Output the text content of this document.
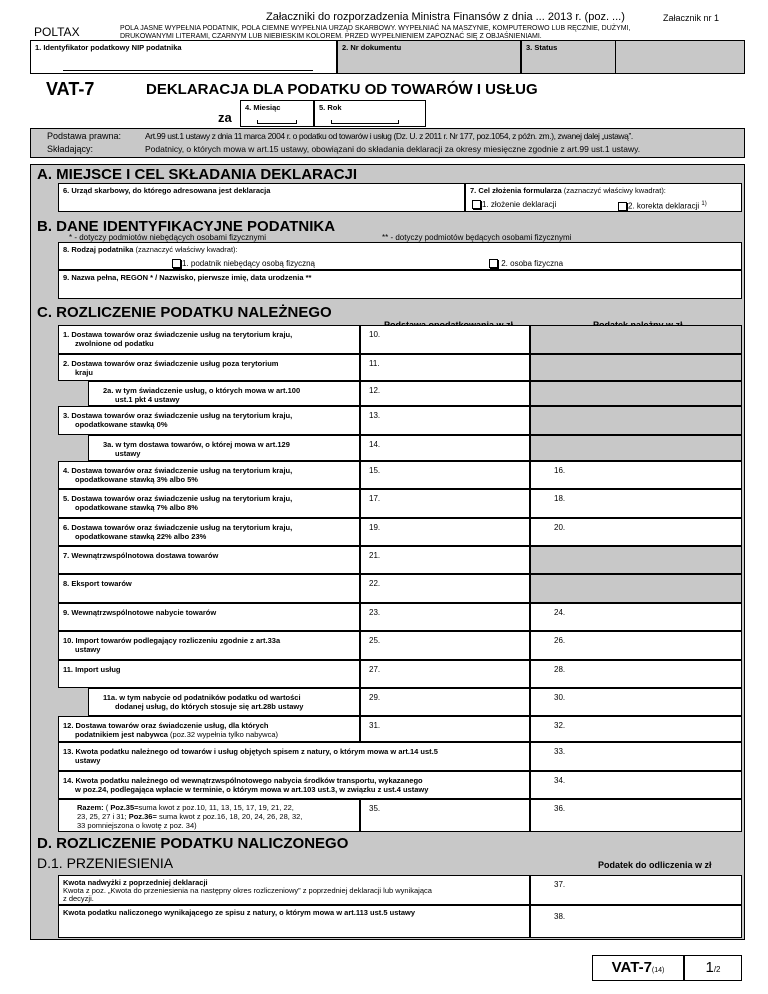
Załaczniki do rozporzadzenia Ministra Finansów z dnia ... 2013 r. (poz. ...)	Załacznik nr 1
POLTAX	POLA JASNE WYPEŁNIA PODATNIK, POLA CIEMNE WYPEŁNIA URZĄD SKARBOWY. WYPEŁNIAĆ NA MASZYNIE, KOMPUTEROWO LUB RĘCZNIE, DUŻYMI,
DRUKOWANYMI LITERAMI, CZARNYM LUB NIEBIESKIM KOLOREM. PRZED WYPEŁNIENIEM ZAPOZNAĆ SIĘ Z OBJAŚNIENIAMI.
1. Identyfikator podatkowy NIP podatnika	2. Nr dokumentu	3. Status
VAT-7	DEKLARACJA DLA PODATKU OD TOWARÓW I USŁUG
za
4. Miesiąc	5. Rok
Podstawa prawna:	Art.99 ust.1 ustawy z dnia 11 marca 2004 r. o podatku od towarów i usług (Dz. U. z 2011 r. Nr 177, poz.1054, z późn. zm.), zwanej dalej „ustawą”.
Składający:	Podatnicy, o których mowa w art.15 ustawy, obowiązani do składania deklaracji za okresy miesięczne zgodnie z art.99 ust.1 ustawy.
A. MIEJSCE I CEL SKŁADANIA DEKLARACJI
6. Urząd skarbowy, do którego adresowana jest deklaracja	7. Cel złożenia formularza (zaznaczyć właściwy kwadrat):
1. złożenie deklaracji	2. korekta deklaracji $^{1)}$
B. DANE IDENTYFIKACYJNE PODATNIKA
* - dotyczy podmiotów niebędących osobami fizycznymi	** - dotyczy podmiotów będących osobami fizycznymi
8. Rodzaj podatnika (zaznaczyć właściwy kwadrat):
1. podatnik niebędący osobą fizyczną	2. osoba fizyczna
9. Nazwa pełna, REGON * / Nazwisko, pierwsze imię, data urodzenia **
C. ROZLICZENIE PODATKU NALEŻNEGO
1. Dostawa towarów oraz świadczenie usług na terytorium kraju,
zwolnione od podatku
10.
2. Dostawa towarów oraz świadczenie usług poza terytorium
kraju
11.
2a. w tym świadczenie usług, o których mowa w art.100
ust.1 pkt 4 ustawy
12.
3. Dostawa towarów oraz świadczenie usług na terytorium kraju,
opodatkowane stawką 0%
13.
3a. w tym dostawa towarów, o której mowa w art.129
ustawy
14.
4. Dostawa towarów oraz świadczenie usług na terytorium kraju,
opodatkowane stawką 3% albo 5%
15.	16.
5. Dostawa towarów oraz świadczenie usług na terytorium kraju,
opodatkowane stawką 7% albo 8%
17.	18.
6. Dostawa towarów oraz świadczenie usług na terytorium kraju,
opodatkowane stawką 22% albo 23%
19.	20.
7. Wewnątrzwspólnotowa dostawa towarów	21.
8. Eksport towarów	22.
9. Wewnątrzwspólnotowe nabycie towarów	23.	24.
10. Import towarów podlegający rozliczeniu zgodnie z art.33a
ustawy
25.	26.
11. Import usług	27.	28.
11a. w tym nabycie od podatników podatku od wartości
dodanej usług, do których stosuje się art.28b ustawy
29.	30.
12. Dostawa towarów oraz świadczenie usług, dla których
podatnikiem jest nabywca (poz.32 wypełnia tylko nabywca)
31.	32.
13. Kwota podatku należnego od towarów i usług objętych spisem z natury, o którym mowa w art.14 ust.5
ustawy
33.
14. Kwota podatku należnego od wewnątrzwspólnotowego nabycia środków transportu, wykazanego
w poz.24, podlegająca wpłacie w terminie, o którym mowa w art.103 ust.3, w związku z ust.4 ustawy
34.
Razem: ( Poz.35=suma kwot z poz.10, 11, 13, 15, 17, 19, 21, 22,
23, 25, 27 i 31; Poz.36= suma kwot z poz.16, 18, 20, 24, 26, 28, 32,
33 pomniejszona o kwotę z poz. 34)
35.	36.
D. ROZLICZENIE PODATKU NALICZONEGO
D.1. PRZENIESIENIA	Podatek do odliczenia w zł
Kwota nadwyżki z poprzedniej deklaracji
Kwota z poz. „Kwota do przeniesienia na następny okres rozliczeniowy” z poprzedniej deklaracji lub wynikająca
z decyzji.
37.
Kwota podatku naliczonego wynikającego ze spisu z natury, o którym mowa w art.113 ust.5 ustawy	38.
VAT-7(14)	1/2
